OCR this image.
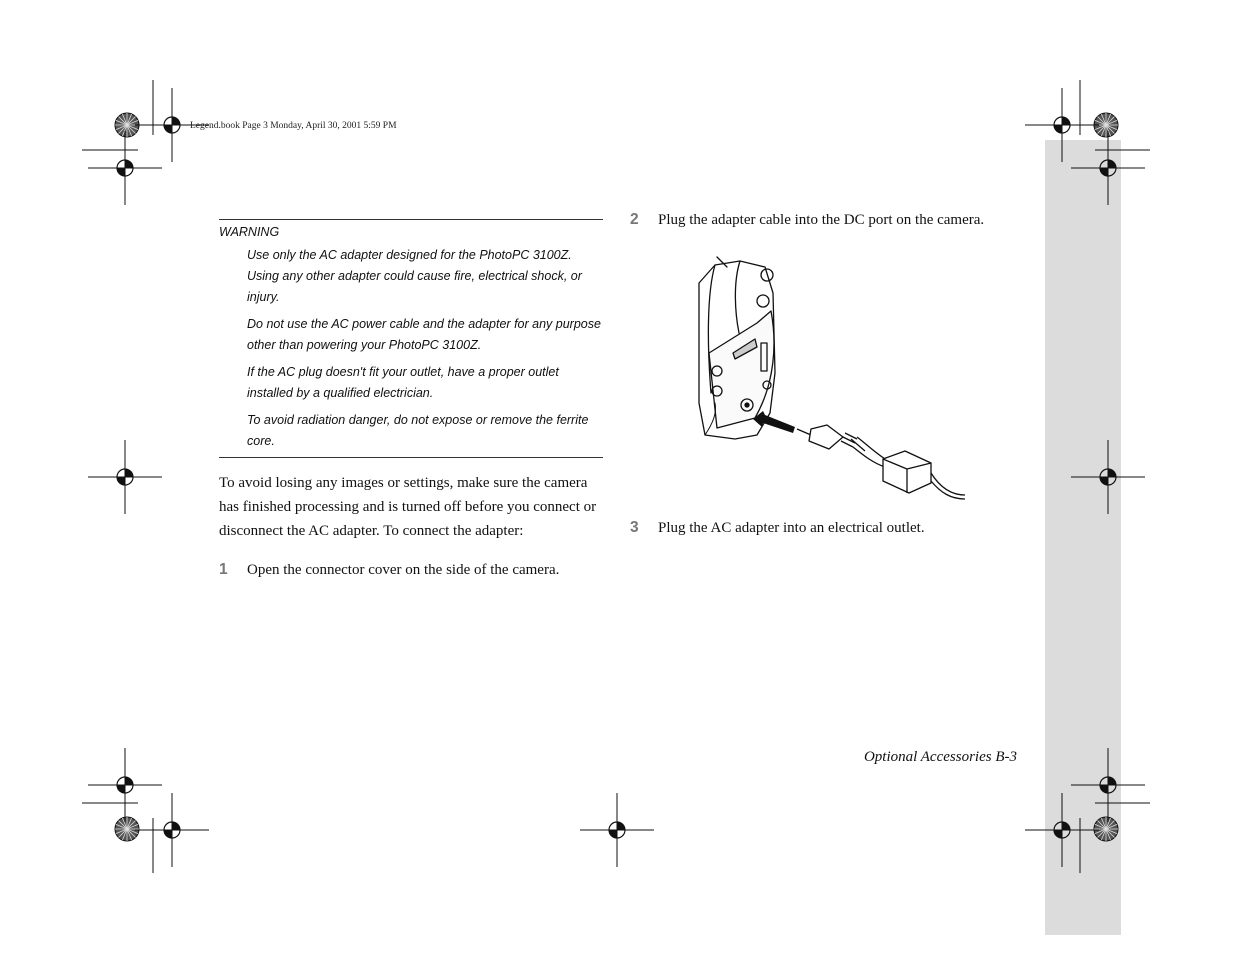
Legend.book Page 3 Monday, April 30, 2001 5:59 PM
WARNING
Use only the AC adapter designed for the PhotoPC 3100Z. Using any other adapter could cause fire, electrical shock, or injury.
Do not use the AC power cable and the adapter for any purpose other than powering your PhotoPC 3100Z.
If the AC plug doesn't fit your outlet, have a proper outlet installed by a qualified electrician.
To avoid radiation danger, do not expose or remove the ferrite core.
To avoid losing any images or settings, make sure the camera has finished processing and is turned off before you connect or disconnect the AC adapter. To connect the adapter:
1 Open the connector cover on the side of the camera.
2 Plug the adapter cable into the DC port on the camera.
3 Plug the AC adapter into an electrical outlet.
Optional Accessories B-3
